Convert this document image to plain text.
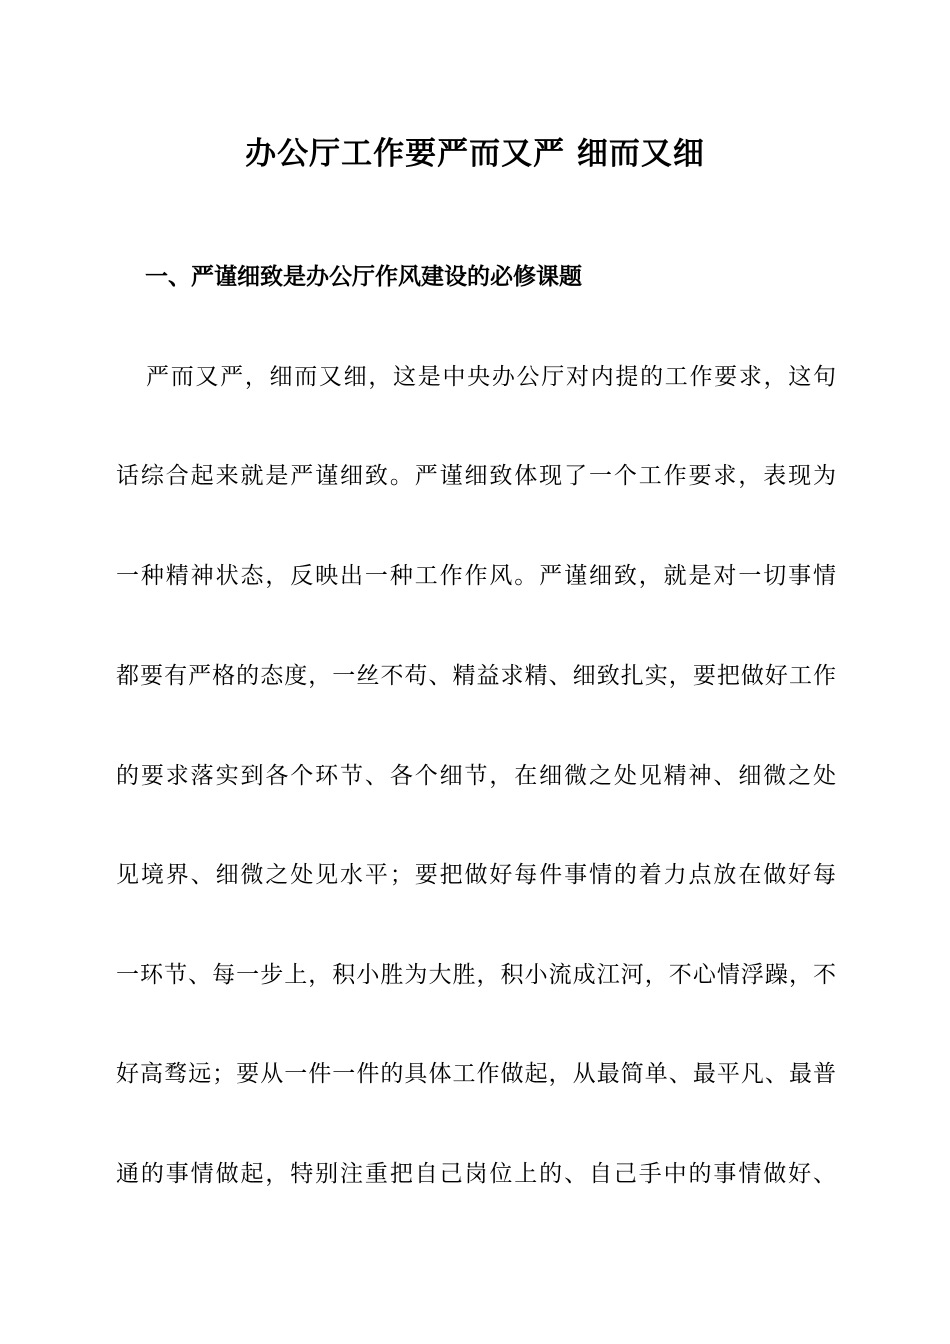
办公厅工作要严而又严 细而又细
一、严谨细致是办公厅作风建设的必修课题
严而又严，细而又细，这是中央办公厅对内提的工作要求，这句
话综合起来就是严谨细致。严谨细致体现了一个工作要求，表现为
一种精神状态，反映出一种工作作风。严谨细致，就是对一切事情
都要有严格的态度，一丝不苟、精益求精、细致扎实，要把做好工作
的要求落实到各个环节、各个细节，在细微之处见精神、细微之处
见境界、细微之处见水平；要把做好每件事情的着力点放在做好每
一环节、每一步上，积小胜为大胜，积小流成江河，不心情浮躁，不
好高骛远；要从一件一件的具体工作做起，从最简单、最平凡、最普
通的事情做起，特别注重把自己岗位上的、自己手中的事情做好、
